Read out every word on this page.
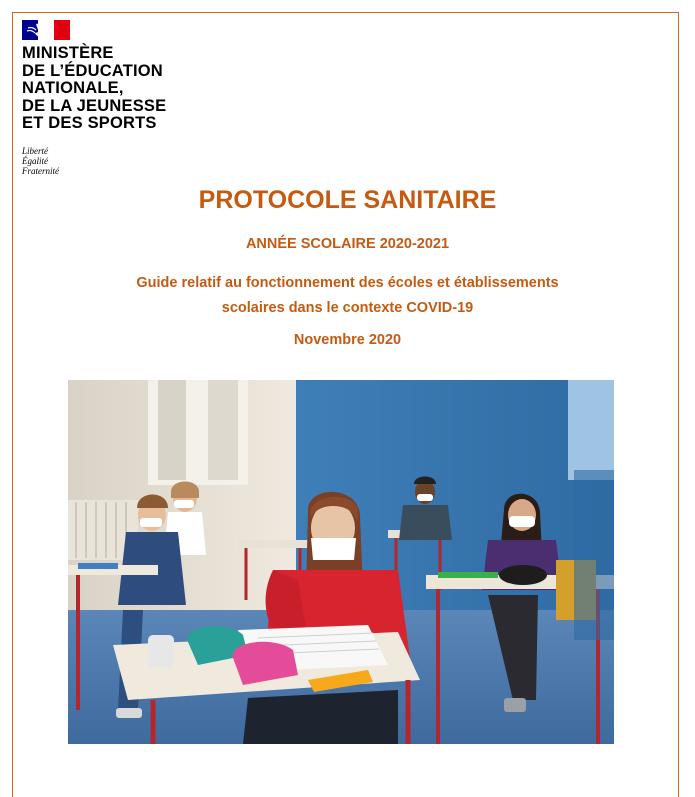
MINISTÈRE
DE L’ÉDUCATION
NATIONALE,
DE LA JEUNESSE
ET DES SPORTS
Liberté
Égalité
Fraternité
PROTOCOLE SANITAIRE
ANNÉE SCOLAIRE 2020-2021
Guide relatif au fonctionnement des écoles et établissements
scolaires dans le contexte COVID-19
Novembre 2020
